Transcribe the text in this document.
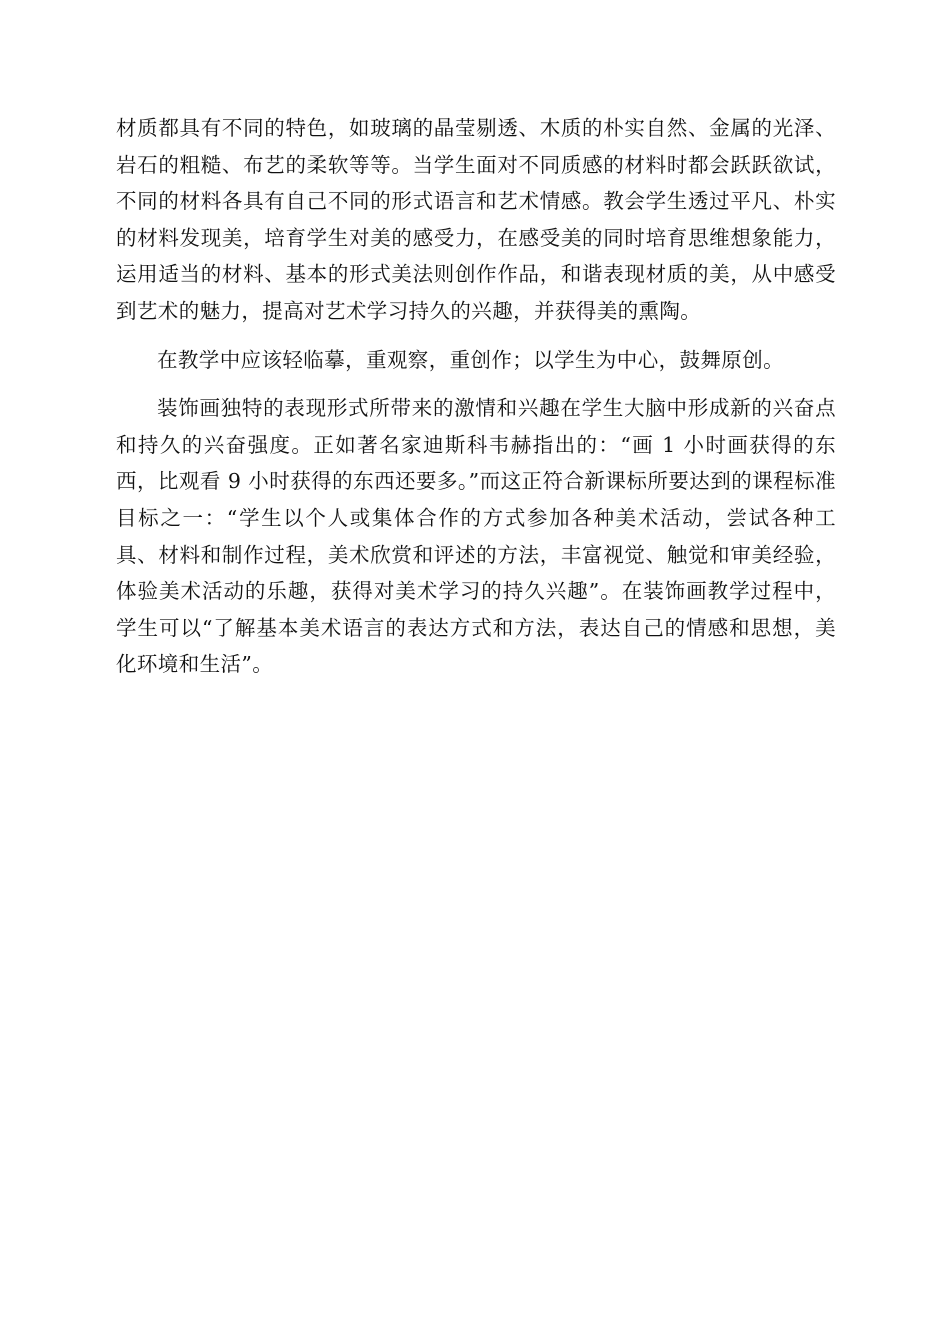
材质都具有不同的特色，如玻璃的晶莹剔透、木质的朴实自然、金属的光泽、岩石的粗糙、布艺的柔软等等。当学生面对不同质感的材料时都会跃跃欲试，不同的材料各具有自己不同的形式语言和艺术情感。教会学生透过平凡、朴实的材料发现美，培育学生对美的感受力，在感受美的同时培育思维想象能力，运用适当的材料、基本的形式美法则创作作品，和谐表现材质的美，从中感受到艺术的魅力，提高对艺术学习持久的兴趣，并获得美的熏陶。

在教学中应该轻临摹，重观察，重创作；以学生为中心，鼓舞原创。

装饰画独特的表现形式所带来的激情和兴趣在学生大脑中形成新的兴奋点和持久的兴奋强度。正如著名家迪斯科韦赫指出的：“画 1 小时画获得的东西，比观看 9 小时获得的东西还要多。”而这正符合新课标所要达到的课程标准目标之一：“学生以个人或集体合作的方式参加各种美术活动，尝试各种工具、材料和制作过程，美术欣赏和评述的方法，丰富视觉、触觉和审美经验，体验美术活动的乐趣，获得对美术学习的持久兴趣”。在装饰画教学过程中，学生可以“了解基本美术语言的表达方式和方法，表达自己的情感和思想，美化环境和生活”。
